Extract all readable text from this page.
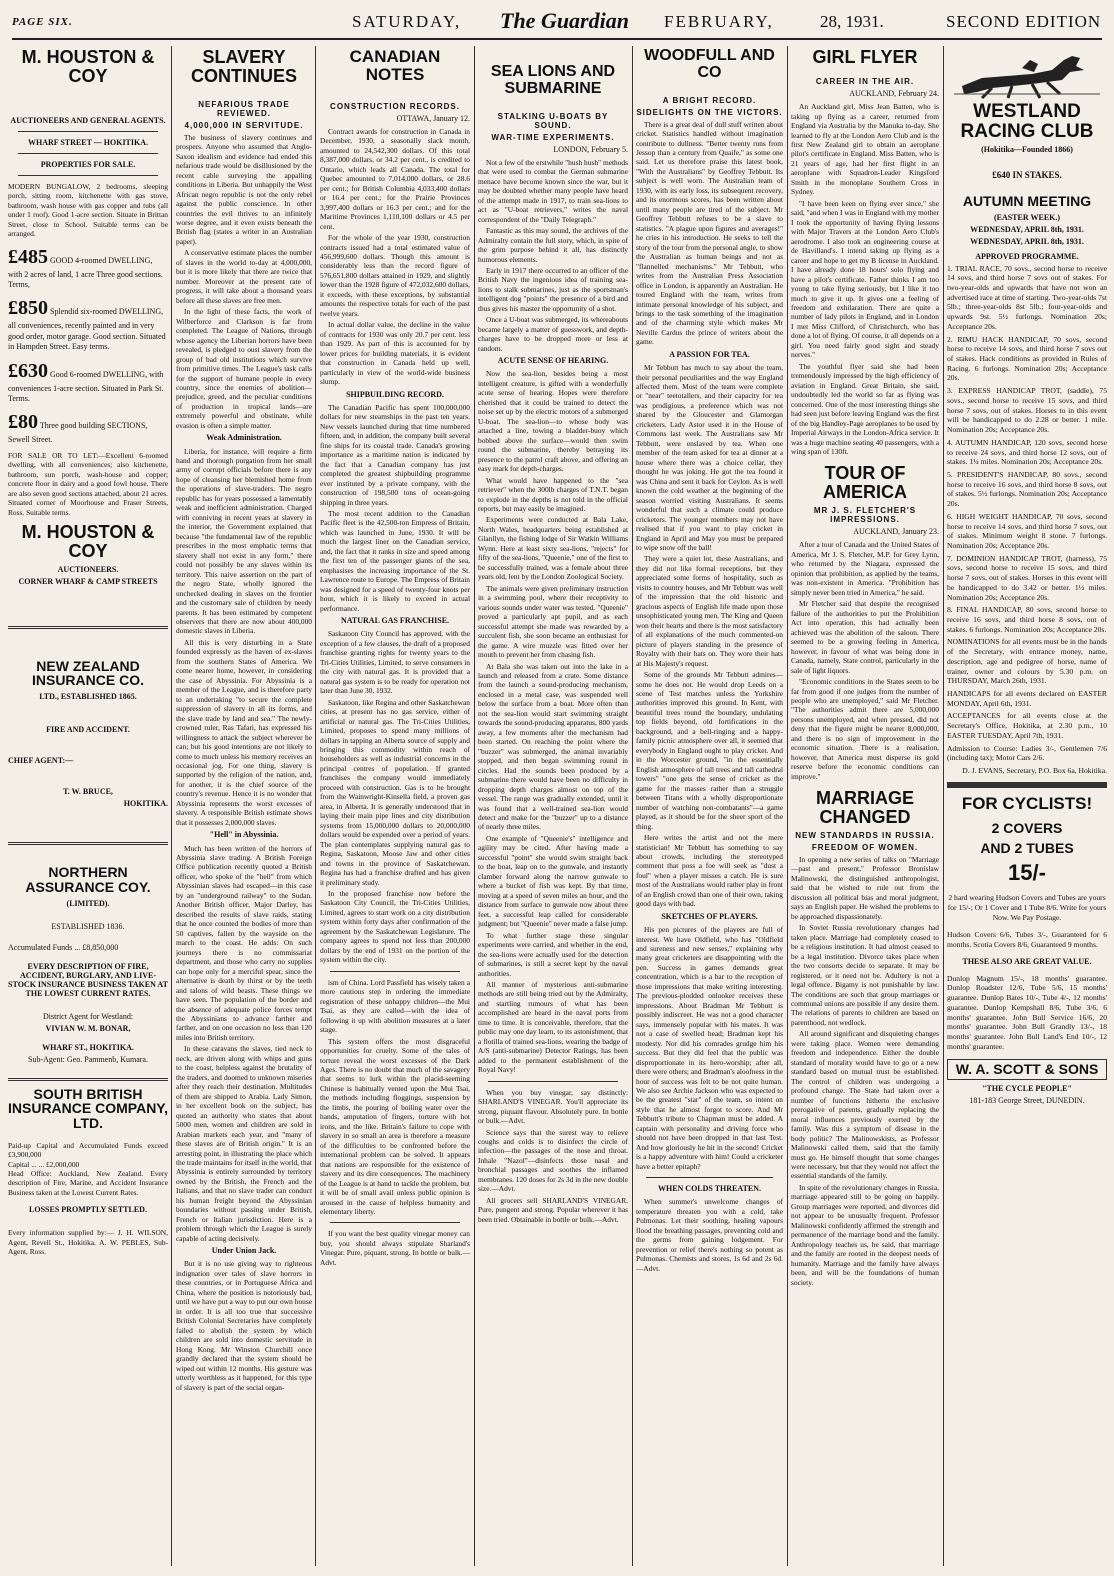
PAGE SIX.	SATURDAY, The Guardian FEBRUARY,	28, 1931.	SECOND EDITION
M. HOUSTON & COY
AUCTIONEERS AND GENERAL AGENTS.
WHARF STREET — HOKITIKA.
PROPERTIES FOR SALE.

MODERN BUNGALOW, 2 bedrooms, sleeping porch, sitting room, kitchenette with gas stove, bathroom, wash house with gas copper and tubs (all under 1 roof). Good 1-acre section. Situate in Brittan Street, close to School. Suitable terms can be arranged.

£485 GOOD 4-roomed DWELLING, with 2 acres of land, 1 acre Three good sections. Terms,
£850 Splendid six-roomed DWELLING, all conveniences, recently painted and in very good order, motor garage. Good section. Situated in Hampden Street. Easy terms.
£630 Good 6-roomed DWELLING, with conveniences 1-acre section. Situated in Park St. Terms.
£80 Three good building SECTIONS, Sewell Street.

FOR SALE OR TO LET:—Excellent 6-roomed dwelling, with all conveniences; also kitchenette, bathroom, sun porch, wash-house and copper; concrete floor in dairy and a good fowl house. There are also seven good sections attached, about 21 acres. Situated corner of Moorhouse and Fraser Streets, Ross. Suitable terms.

M. HOUSTON & COY
AUCTIONEERS.
CORNER WHARF & CAMP STREETS
NEW ZEALAND INSURANCE CO.
LTD., ESTABLISHED 1865.
FIRE AND ACCIDENT.
CHIEF AGENT:—
T. W. BRUCE,
HOKITIKA.
NORTHERN ASSURANCE COY.
(LIMITED).
ESTABLISHED 1836.
Accumulated Funds ... £8,850,000
EVERY DESCRIPTION OF FIRE, ACCIDENT, BURGLARY, AND LIVE-STOCK INSURANCE BUSINESS TAKEN AT THE LOWEST CURRENT RATES.
District Agent for Westland:
VIVIAN W. M. BONAR,
WHARF ST., HOKITIKA.
Sub-Agent: Geo. Pammenb, Kumara.
SOUTH BRITISH INSURANCE COMPANY, LTD.

Paid-up Capital and Accumulated Funds exceed £3,900,000

Capital ... ... £2,000,000

Head Office: Auckland, New Zealand. Every description of Fire, Marine, and Accident Insurance Business taken at the Lowest Current Rates.

LOSSES PROMPTLY SETTLED.

Every information supplied by:— J. H. WILSON, Agent, Revell St., Hokitika. A. W. PEBLES, Sub-Agent, Ross.

SLAVERY CONTINUES
NEFARIOUS TRADE REVIEWED.
4,000,000 IN SERVITUDE.

The business of slavery continues and prospers. Anyone who assumed that Anglo-Saxon idealism and evidence had ended this nefarious trade would be disillusioned by the recent cable surveying the appalling conditions in Liberia. But unhappily the West African negro republic is not the only rebel against the public conscience. In other countries the evil thrives to an infinitely worse degree, and it even exists beneath the British flag (states a writer in an Australian paper).

A conservative estimate places the number of slaves in the world to-day at 4,000,000, but it is more likely that there are twice that number. Moreover at the present rate of progress, it will take about a thousand years before all these slaves are free men.

In the light of these facts, the work of Wilberforce and Clarkson is far from completed. The League of Nations, through whose agency the Liberian horrors have been revealed, is pledged to oust slavery from the group of bad old institutions which survive from primitive times. The League's task calls for the support of humane people in every country, since the enemies of abolition—prejudice, greed, and the peculiar conditions of production in tropical lands—are extremely powerful and obstinate, while evasion is often a simple matter.

Weak Administration.

Liberia, for instance, will require a firm hand and thorough purgation from her small army of corrupt officials before there is any hope of cleansing her blemished home from the operations of slave-traders. The negro republic has for years possessed a lamentably weak and inefficient administration. Charged with conniving in recent years at slavery in the interior, the Government explained that because "the fundamental law of the republic prescribes in the most emphatic terms that slavery shall not exist in any form," there could not possibly be any slaves within its territory. This naive assertion on the part of the negro State, wholly ignored the unchecked dealing in slaves on the frontier and the customary sale of children by needy parents. It has been estimated by competent observers that there are now about 400,000 domestic slaves in Liberia.

All this is very disturbing in a State founded expressly as the haven of ex-slaves from the southern States of America. We come nearer home, however, in considering the case of Abyssinia. For Abyssinia is a member of the League, and is therefore party to an undertaking "to secure the complete suppression of slavery in all its forms, and the slave trade by land and sea." The newly-crowned ruler, Ras Tafari, has expressed his willingness to attack the subject wherever he can; but his good intentions are not likely to come to much unless his memory receives an occasional jog. For one thing, slavery is supported by the religion of the nation, and, for another, it is the chief source of the country's revenue. Hence it is no wonder that Abyssinia represents the worst excesses of slavery. A responsible British estimate shows that it possesses 2,000,000 slaves.

"Hell" in Abyssinia.

Much has been written of the horrors of Abyssinia slave trading. A British Foreign Office publication recently quoted a British officer, who spoke of the "hell" from which Abyssinian slaves had escaped—in this case by an "underground railway" to the Sudan. Another British officer, Major Darley, has described the results of slave raids, stating that he once counted the bodies of more than 50 captives, fallen by the wayside on the march to the coast. He adds: On such journeys there is no commissariat department, and those who carry no supplies can hope only for a merciful spear, since the alternative is death by thirst or by the teeth and talons of wild beasts. These things we have seen. The population of the border and the absence of adequate police forces tempt the Abyssinians to advance farther and farther, and on one occasion no less than 120 miles into British territory.

In these caravans the slaves, tied neck to neck, are driven along with whips and guns to the coast, helpless against the brutality of the traders, and doomed to unknown miseries after they reach their destination. Multitudes of them are shipped to Arabia. Lady Simon, in her excellent book on the subject, has quoted an authority who states that about 5000 men, women and children are sold in Arabian markets each year, and "many of these slaves are of British origin." It is an arresting point, in illustrating the place which the trade maintains for itself in the world, that Abyssinia is entirely surrounded by territory owned by the British, the French and the Italians, and that no slave trader can conduct his human freight beyond the Abyssinian boundaries without passing under British, French or Italian jurisdiction. Here is a problem through which the League is surely capable of acting decisively.

Under Union Jack.

But it is no use giving way to righteous indignation over tales of slave horrors in these countries, or in Portuguese Africa and China, where the position is notoriously bad, until we have put a way to put our own house in order. It is all too true that successive British Colonial Secretaries have completely failed to abolish the system by which children are sold into domestic servitude in Hong Kong. Mr Winston Churchill once grandly declared that the system should be wiped out within 12 months. His gesture was utterly worthless as it happened, for this type of slavery is part of the social organ-

CANADIAN NOTES
CONSTRUCTION RECORDS.
OTTAWA, January 12.

Contract awards for construction in Canada in December, 1930, a seasonally slack month, amounted to 24,542,300 dollars. Of this total 8,387,000 dollars, or 34.2 per cent., is credited to Ontario, which leads all Canada. The total for Quebec amounted to 7,014,000 dollars, or 28.6 per cent.; for British Columbia 4,033,400 dollars or 16.4 per cent.; for the Prairie Provinces 3,997,400 dollars or 16.3 per cent.; and for the Maritime Provinces 1,110,100 dollars or 4.5 per cent.

For the whole of the year 1930, construction contracts issued had a total estimated value of 456,999,600 dollars. Though this amount is considerably less than the record figure of 576,651,800 dollars attained in 1929, and slightly lower than the 1928 figure of 472,032,600 dollars, it exceeds, with these exceptions, by substantial amounts the respective totals for each of the past twelve years.

In actual dollar value, the decline in the value of contracts for 1930 was only 20.7 per cent. less than 1929. As part of this is accounted for by lower prices for building materials, it is evident that construction in Canada held up well, particularly in view of the world-wide business slump.

SHIPBUILDING RECORD.

The Canadian Pacific has spent 100,000,000 dollars for new steamships in the past ten years. New vessels launched during that time numbered fifteen, and, in addition, the company built several fine ships for its coastal trade. Canada's growing importance as a maritime nation is indicated by the fact that a Canadian company has just completed the greatest shipbuilding programme ever instituted by a private company, with the construction of 198,500 tons of ocean-going shipping in three years.

The most recent addition to the Canadian Pacific fleet is the 42,500-ton Empress of Britain, which was launched in June, 1930. It will be much the largest liner on the Canadian service, and, the fact that it ranks in size and speed among the first ten of the passenger giants of the sea, emphasises the increasing importance of the St. Lawrence route to Europe. The Empress of Britain was designed for a speed of twenty-four knots per hour, which it is likely to exceed in actual performance.

NATURAL GAS FRANCHISE.

Saskatoon City Council has approved, with the exception of a few clauses, the draft of a proposed franchise granting rights for twenty years to the Tri-Cities Utilities, Limited, to serve consumers in the city with natural gas. It is provided that a natural gas system is to be ready for operation not later than June 30, 1932.

Saskatoon, like Regina and other Saskatchewan cities, at present has no gas service, either of artificial or natural gas. The Tri-Cities Utilities, Limited, proposes to spend many millions of dollars in tapping an Alberta source of supply and bringing this commodity within reach of householders as well as industrial concerns in the principal centres of population. If granted franchises the company would immediately proceed with construction. Gas is to be brought from the Wainwright-Kinsella field, a proven gas area, in Alberta. It is generally understood that in laying their main pipe lines and city distribution systems from 15,000,000 dollars to 20,000,000 dollars would be expended over a period of years. The plan contemplates supplying natural gas to Regina, Saskatoon, Moose Jaw and other cities and towns in the province of Saskatchewan. Regina has had a franchise drafted and has given it preliminary study.

In the proposed franchise now before the Saskatoon City Council, the Tri-Cities Utilities, Limited, agrees to start work on a city distribution system within forty days after confirmation of the agreement by the Saskatchewan Legislature. The company agrees to spend not less than 200,000 dollars by the end of 1931 on the portion of the system within the city.

ism of China. Lord Passfield has wisely taken a more cautious step in ordering the immediate registration of these unhappy children—the Mui Tsai, as they are called—with the idea of following it up with abolition measures at a later stage.

This system offers the most disgraceful opportunities for cruelty. Some of the tales of torture reveal the worst excesses of the Dark Ages. There is no doubt that much of the savagery that seems to lurk within the placid-seeming Chinese is habitually vented upon the Mui Tsai, the methods including floggings, suspension by the limbs, the pouring of boiling water over the hands, amputation of fingers, torture with hot irons, and the like. Britain's failure to cope with slavery in so small an area is therefore a measure of the difficulties to be confronted before the international problem can be solved. It appears that nations are responsible for the existence of slavery and its dire consequences. The machinery of the League is at hand to tackle the problem, but it will be of small avail unless public opinion is aroused in the cause of helpless humanity and elementary liberty.

If you want the best quality vinegar money can buy, you should always stipulate Sharland's Vinegar. Pure, piquant, strong. In bottle or bulk.—Advt.

SEA LIONS AND SUBMARINE
STALKING U-BOATS BY SOUND.
WAR-TIME EXPERIMENTS.
LONDON, February 5.

Not a few of the erstwhile "hush hush" methods that were used to combat the German submarine menace have become known since the war, but it may be doubted whether many people have heard of the attempt made in 1917, to train sea-lions to act as "U-boat retrievers," writes the naval correspondent of the "Daily Telegraph."

Fantastic as this may sound, the archives of the Admiralty contain the full story, which, in spite of the grim purpose behind it all, has distinctly humorous elements.

Early in 1917 there occurred to an officer of the British Navy the ingenious idea of training sea-lions to stalk submarines, just as the sportsman's intelligent dog "points" the presence of a bird and thus gives his master the opportunity of a shot.

Once a U-boat was submerged, its whereabouts became largely a matter of guesswork, and depth-charges have to be dropped more or less at random.

ACUTE SENSE OF HEARING.

Now the sea-lion, besides being a most intelligent creature, is gifted with a wonderfully acute sense of hearing. Hopes were therefore cherished that it could be trained to detect the noise set up by the electric motors of a submerged U-boat. The sea-lion—to whose body was attached a line, towing a bladder-buoy which bobbed above the surface—would then swim round the submarine, thereby betraying its presence to the patrol craft above, and offering an easy mark for depth-charges.

What would have happened to the "sea retriever" when the 300lb charges of T.N.T. began to explode in the depths is not told in the official reports, but may easily be imagined.

Experiments were conducted at Bala Lake, North Wales, headquarters being established at Glanllyn, the fishing lodge of Sir Watkin Williams Wynn. Here at least sixty sea-lions, "rejects" for fifty of the sea-lions, "Queenie," one of the first to be successfully trained, was a female about three years old, lent by the London Zoological Society.

The animals were given preliminary instruction in a swimming pool, where their receptivity to various sounds under water was tested. "Queenie" proved a particularly apt pupil, and as each successful attempt she made was rewarded by a succulent fish, she soon became an enthusiast for the game. A wire muzzle was fitted over her mouth to prevent her from chasing fish.

At Bala she was taken out into the lake in a launch and released from a crate. Some distance from the launch a sound-producing mechanism, enclosed in a metal case, was suspended well below the surface from a boat. More often than not the sea-lion would start swimming straight towards the sound-producing apparatus, 800 yards away, a few moments after the mechanism had been started. On reaching the point where the "buzzer" was submerged, the animal invariably stopped, and then began swimming round in circles. Had the sounds been produced by a submarine there would have been no difficulty in dropping depth charges almost on top of the vessel. The range was gradually extended, until it was found that a well-trained sea-lion would detect and make for the "buzzer" up to a distance of nearly three miles.

One example of "Queenie's" intelligence and agility may be cited. After having made a successful "point" she would swim straight back to the boat, leap on to the gunwale, and instantly clamber forward along the narrow gunwale to where a bucket of fish was kept. By that time, moving at a speed of seven miles an hour, and the distance from surface to gunwale now about three feet, a successful leap called for considerable judgment; but "Queenie" never made a false jump.

To what further stage these singular experiments were carried, and whether in the end, the sea-lions were actually used for the detection of submarines, is still a secret kept by the naval authorities.

All manner of mysterious anti-submarine methods are still being tried out by the Admiralty, and startling rumours of what has been accomplished are heard in the naval ports from time to time. It is conceivable, therefore, that the public may one day learn, to its astonishment, that a flotilla of trained sea-lions, wearing the badge of A/S (anti-submarine) Detector Ratings, has been added to the permanent establishment of the Royal Navy!

When you buy vinegar, say distinctly: SHARLAND'S VINEGAR. You'll appreciate its strong, piquant flavour. Absolutely pure. In bottle or bulk.—Advt.

Science says that the surest way to relieve coughs and colds is to disinfect the circle of infection—the passages of the nose and throat. Inhale "Nazol"—disinfects those nasal and bronchial passages and soothes the inflamed membranes. 120 doses for 2s 3d in the new double size.—Advt.

All grocers sell SHARLAND'S VINEGAR. Pure, pungent and strong. Popular wherever it has been tried. Obtainable in bottle or bulk.—Advt.

WOODFULL AND CO
A BRIGHT RECORD.
SIDELIGHTS ON THE VICTORS.

There is a great deal of dull stuff written about cricket. Statistics handled without imagination contribute to dullness. "Better twenty runs from Jessop than a century from Quaife," as some one said. Let us therefore praise this latest book, "With the Australians" by Geoffrey Tebbutt. Its subject is well worn. The Australian team of 1930, with its early loss, its subsequent recovery, and its enormous scores, has been written about until many people are tired of the subject. Mr Geoffrey Tebbutt refuses to be a slave to statistics. "A plague upon figures and averages!" he cries in his introduction. He seeks to tell the story of the tour from the personal angle, to show the Australian as human beings and not as "flannelled mechanisms." Mr Tebbutt, who writes from the Australian Press Association office in London, is apparently an Australian. He toured England with the team, writes from intimate personal knowledge of his subject, and brings to the task something of the imagination and of the charming style which makes Mr Neville Cardus the prince of writers about the game.

A PASSION FOR TEA.

Mr Tebbutt has much to say about the team, their personal peculiarities and the way England affected them. Most of the team were complete or "near" teetotallers, and their capacity for tea was prodigious, a preference which was not shared by the Gloucester and Glamorgan cricketers. Lady Astor used it in the House of Commons last week. The Australians saw Mr Tebbutt, were enslaved by tea. When one member of the team asked for tea at dinner at a house where there was a choice cellar, they thought he was joking. He got the tea found it was China and sent it back for Ceylon. As is well known the cold weather at the beginning of the season worried visiting Australians. It seems wonderful that such a climate could produce cricketers. The younger members may not have realised that if you want to play cricket in England in April and May you must be prepared to wipe snow off the ball!

They were a quiet lot, these Australians, and they did not like formal receptions, but they appreciated some forms of hospitality, such as visits to country houses, and Mr Tebbutt was well of the impression that the old historic and gracious aspects of English life made upon those unsophisticated young men. The King and Queen won their hearts and there is the most satisfactory of all explanations of the much commented-on picture of players standing in the presence of Royalty with their hats on. They wore their hats at His Majesty's request.

Some of the grounds Mr Tebbutt admires—some he does not. He would drop Leeds on a scene of Test matches unless the Yorkshire authorities improved this ground. In Kent, with beautiful trees round the boundary, undulating top fields beyond, old fortifications in the background, and a bell-ringing and a happy-family picnic atmosphere over all, it seemed that everybody in England ought to play cricket. And in the Worcester ground, "in the essentially English atmosphere of tall trees and tall cathedral towers" "one gets the sense of cricket as the game for the masses rather than a struggle between Titans with a wholly disproportionate number of watching non-combatants"—a game played, as it should be for the sheer sport of the thing.

Here writes the artist and not the mere statistician! Mr Tebbutt has something to say about crowds, including the stereotyped comment that poss a foe will seek as "dust a foul" when a player misses a catch. He is sure most of the Australians would rather play in front of an English crowd than one of their own, taking good days with bad.

SKETCHES OF PLAYERS.

His pen pictures of the players are full of interest. We have Oldfield, who has "Oldfield and sureness and new senses," explaining why many great cricketers are disappointing with the pen. Success in games demands great concentration, which is a bar to the reception of those impressions that make writing interesting. The previous-plodded onlooker receives these impressions. About Bradman Mr Tebbutt is possibly indiscreet. He was not a good character says, immensely popular with his mates. It was not a case of swelled head; Bradman kept his modesty. Nor did his comrades grudge him his success. But they did feel that the public was disproportionate in its hero-worship; after all, there were others; and Bradman's aloofness in the hour of success was felt to be not quite human. We also see Archie Jackson who was expected to be the greatest "star" of the team, so intent on style that he almost forgot to score. And Mr Tebbutt's tribute to Chapman must be added. A captain with personality and driving force who should not have been dropped in that last Test. And how gloriously he hit in the second! Cricket is a happy adventure with him! Could a cricketer have a better epitaph?

WHEN COLDS THREATEN.

When summer's unwelcome changes of temperature threaten you with a cold, take Pulmonas. Let their soothing, healing vapours flood the breathing passages, preventing cold and the germs from gaining lodgement. For prevention or relief there's nothing so potent as Pulmonas. Chemists and stores, 1s 6d and 2s 6d.—Advt.

GIRL FLYER
CAREER IN THE AIR.
AUCKLAND, February 24.

An Auckland girl, Miss Jean Batten, who is taking up flying as a career, returned from England via Australia by the Manuka to-day. She learned to fly at the London Aero Club and is the first New Zealand girl to obtain an aeroplane pilot's certificate in England. Miss Batten, who is 21 years of age, had her first flight in an aeroplane with Squadron-Leader Kingsford Smith in the monoplane Southern Cross in Sydney.

"I have been keen on flying ever since," she said, "and when I was in England with my mother I took the opportunity of having flying lessons with Major Travers at the London Aero Club's aerodrome. I also took an engineering course at de Havilland's. I intend taking up flying as a career and hope to get my B license in Auckland. I have already done 18 hours' solo flying and have a pilot's certificate. Father thinks I am too young to take flying seriously, but I like it too much to give it up. It gives one a feeling of freedom and exhilaration. There are quite a number of lady pilots in England, and in London I met Miss Clifford, of Christchurch, who has done a lot of flying. Of course, it all depends on a girl. You need fairly good sight and steady nerves."

The youthful flyer said she had been tremendously impressed by the high efficiency of aviation in England. Great Britain, she said, undoubtedly led the world so far as flying was concerned. One of the most interesting things she had seen just before leaving England was the first of the big Handley-Page aeroplanes to be used by Imperial Airways in the London-Africa service. It was a huge machine seating 40 passengers, with a wing span of 130ft.

TOUR OF AMERICA
MR J. S. FLETCHER'S IMPRESSIONS.
AUCKLAND, January 23.

After a tour of Canada and the United States of America, Mr J. S. Fletcher, M.P. for Grey Lynn, who returned by the Niagara, expressed the opinion that prohibition, as applied by the teams, was non-existent in America. "Prohibition has simply never been tried in America," he said.

Mr Fletcher said that despite the recognised failure of the authorities to put the Prohibition Act into operation, this had actually been achieved was the abolition of the saloon. There seemed to be a growing feeling in America, however, in favour of what was being done in Canada, namely, State control, particularly in the sale of light liquors.

"Economic conditions in the States seem to be far from good if one judges from the number of people who are unemployed," said Mr Fletcher. "The authorities admit there are 5,000,000 persons unemployed, and when pressed, did not deny that the figure might be nearer 8,000,000, and there is no sign of improvement in the economic situation. There is a realisation, however, that America must disperse its gold reserve before the economic conditions can improve."

MARRIAGE CHANGED
NEW STANDARDS IN RUSSIA.
FREEDOM OF WOMEN.

In opening a new series of talks on "Marriage—past and present," Professor Bronislaw Malinowski, the distinguished anthropologist, said that he wished to rule out from the discussion all political bias and moral judgment, says an English paper. He wished the problems to be approached dispassionately.

In Soviet Russia revolutionary changes had taken place. Marriage had completely ceased to be a religious institution. It had almost ceased to be a legal institution. Divorce takes place when the two consorts decide to separate. It may be registered, or it need not be. Adultery is not a legal offence. Bigamy is not punishable by law. The conditions are such that group marriages or communal unions are possible if any desire them. The relations of parents to children are based on parenthood, not wedlock.

All around significant and disquieting changes were taking place. Women were demanding freedom and independence. Either the double standard of morality would have to go or a new standard based on mutual trust be established. The control of children was undergoing a profound change. The State had taken over a number of functions hitherto the exclusive prerogative of parents, gradually replacing the moral influences previously exerted by the family. Was this a symptom of disease in the body politic? The Malinowskists, as Professor Malinowski called them, said that the family must go. He himself thought that some changes were necessary, but that they would not affect the essential standards of the family.

In spite of the revolutionary changes in Russia, marriage appeared still to be going on happily. Group marriages were reported, and divorces did not appear to be unusually frequent. Professor Malinowski confidently affirmed the strength and permanence of the marriage bond and the family. Anthropology teaches us, he said, that marriage and the family are rooted in the deepest needs of humanity. Marriage and the family have always been, and will be the foundations of human society.

WESTLAND RACING CLUB
(Hokitika—Founded 1866)
£640 IN STAKES.
AUTUMN MEETING
(EASTER WEEK.)
WEDNESDAY, APRIL 8th, 1931.
WEDNESDAY, APRIL 8th, 1931.
APPROVED PROGRAMME.

1. TRIAL RACE, 70 sovs., second horse to receive 14 sovs, and third horse 7 sovs out of stakes. For two-year-olds and upwards that have not won an advertised race at time of starting. Two-year-olds 7st 5lb.; three-year-olds 8st 5lb.; four-year-olds and upwards 9st. 5½ furlongs. Nomination 20s; Acceptance 20s.

2. RIMU HACK HANDICAP, 70 sovs, second horse to receive 14 sovs, and third horse 7 sovs out of stakes. Hack conditions as provided in Rules of Racing. 6 furlongs. Nomination 20s; Acceptance 20s.

3. EXPRESS HANDICAP TROT, (saddle), 75 sovs., second horse to receive 15 sovs, and third horse 7 sovs, out of stakes. Horses to in this event will be handicapped to do 2.28 or better. 1 mile. Nomination 20s; Acceptance 20s.

4. AUTUMN HANDICAP, 120 sovs, second horse to receive 24 sovs, and third horse 12 sovs, out of stakes. 1¼ miles. Nomination 20s; Acceptance 20s.

5. PRESIDENT'S HANDICAP, 80 sovs., second horse to receive 16 sovs, and third horse 8 sovs, out of stakes. 5½ furlongs. Nomination 20s; Acceptance 20s.

6. HIGH WEIGHT HANDICAP, 70 sovs, second horse to receive 14 sovs, and third horse 7 sovs, out of stakes. Minimum weight 8 stone. 7 furlongs. Nomination 20s; Acceptance 20s.

7. DOMINION HANDICAP TROT, (harness), 75 sovs, second horse to receive 15 sovs, and third horse 7 sovs, out of stakes. Horses in this event will be handicapped to do 3.42 or better. 1½ miles. Nomination 20s; Acceptance 20s.

8. FINAL HANDICAP, 80 sovs, second horse to receive 16 sovs, and third horse 8 sovs, out of stakes. 6 furlongs. Nomination 20s; Acceptance 20s.

NOMINATIONS for all events must be in the hands of the Secretary, with entrance money, name, description, age and pedigree of horse, name of trainer, owner and colours by 5.30 p.m. on THURSDAY, March 26th, 1931.

HANDICAPS for all events declared on EASTER MONDAY, April 6th, 1931.

ACCEPTANCES for all events close at the Secretary's Office, Hokitika, at 2.30 p.m., 10 EASTER TUESDAY, April 7th, 1931.

Admission to Course: Ladies 3/-, Gentlemen 7/6 (including tax); Motor Cars 2/6.

D. J. EVANS, Secretary, P.O. Box 6a, Hokitika.

FOR CYCLISTS!
2 COVERS
AND 2 TUBES
15/-

2 hard wearing Hudson Covers and Tubes are yours for 15/-; Or 1 Cover and 1 Tube 8/6. Write for yours Now. We Pay Postage.

Hudson Covers 6/6, Tubes 3/-, Guaranteed for 6 months. Scotia Covers 8/6, Guaranteed 9 months.

THESE ALSO ARE GREAT VALUE.

Dunlop Magnum 15/-, 18 months' guarantee. Dunlop Roadster 12/6, Tube 5/6, 15 months' guarantee. Dunlop Bates 10/-, Tube 4/-, 12 months' guarantee. Dunlop Kempshall 8/6, Tube 3/6, 6 months' guarantee. John Bull Service 16/6, 20 months' guarantee. John Bull Grandly 13/-, 18 months' guarantee. John Bull Land's End 10/-, 12 months' guarantee.

W. A. SCOTT & SONS
"THE CYCLE PEOPLE"
181-183 George Street, DUNEDIN.
